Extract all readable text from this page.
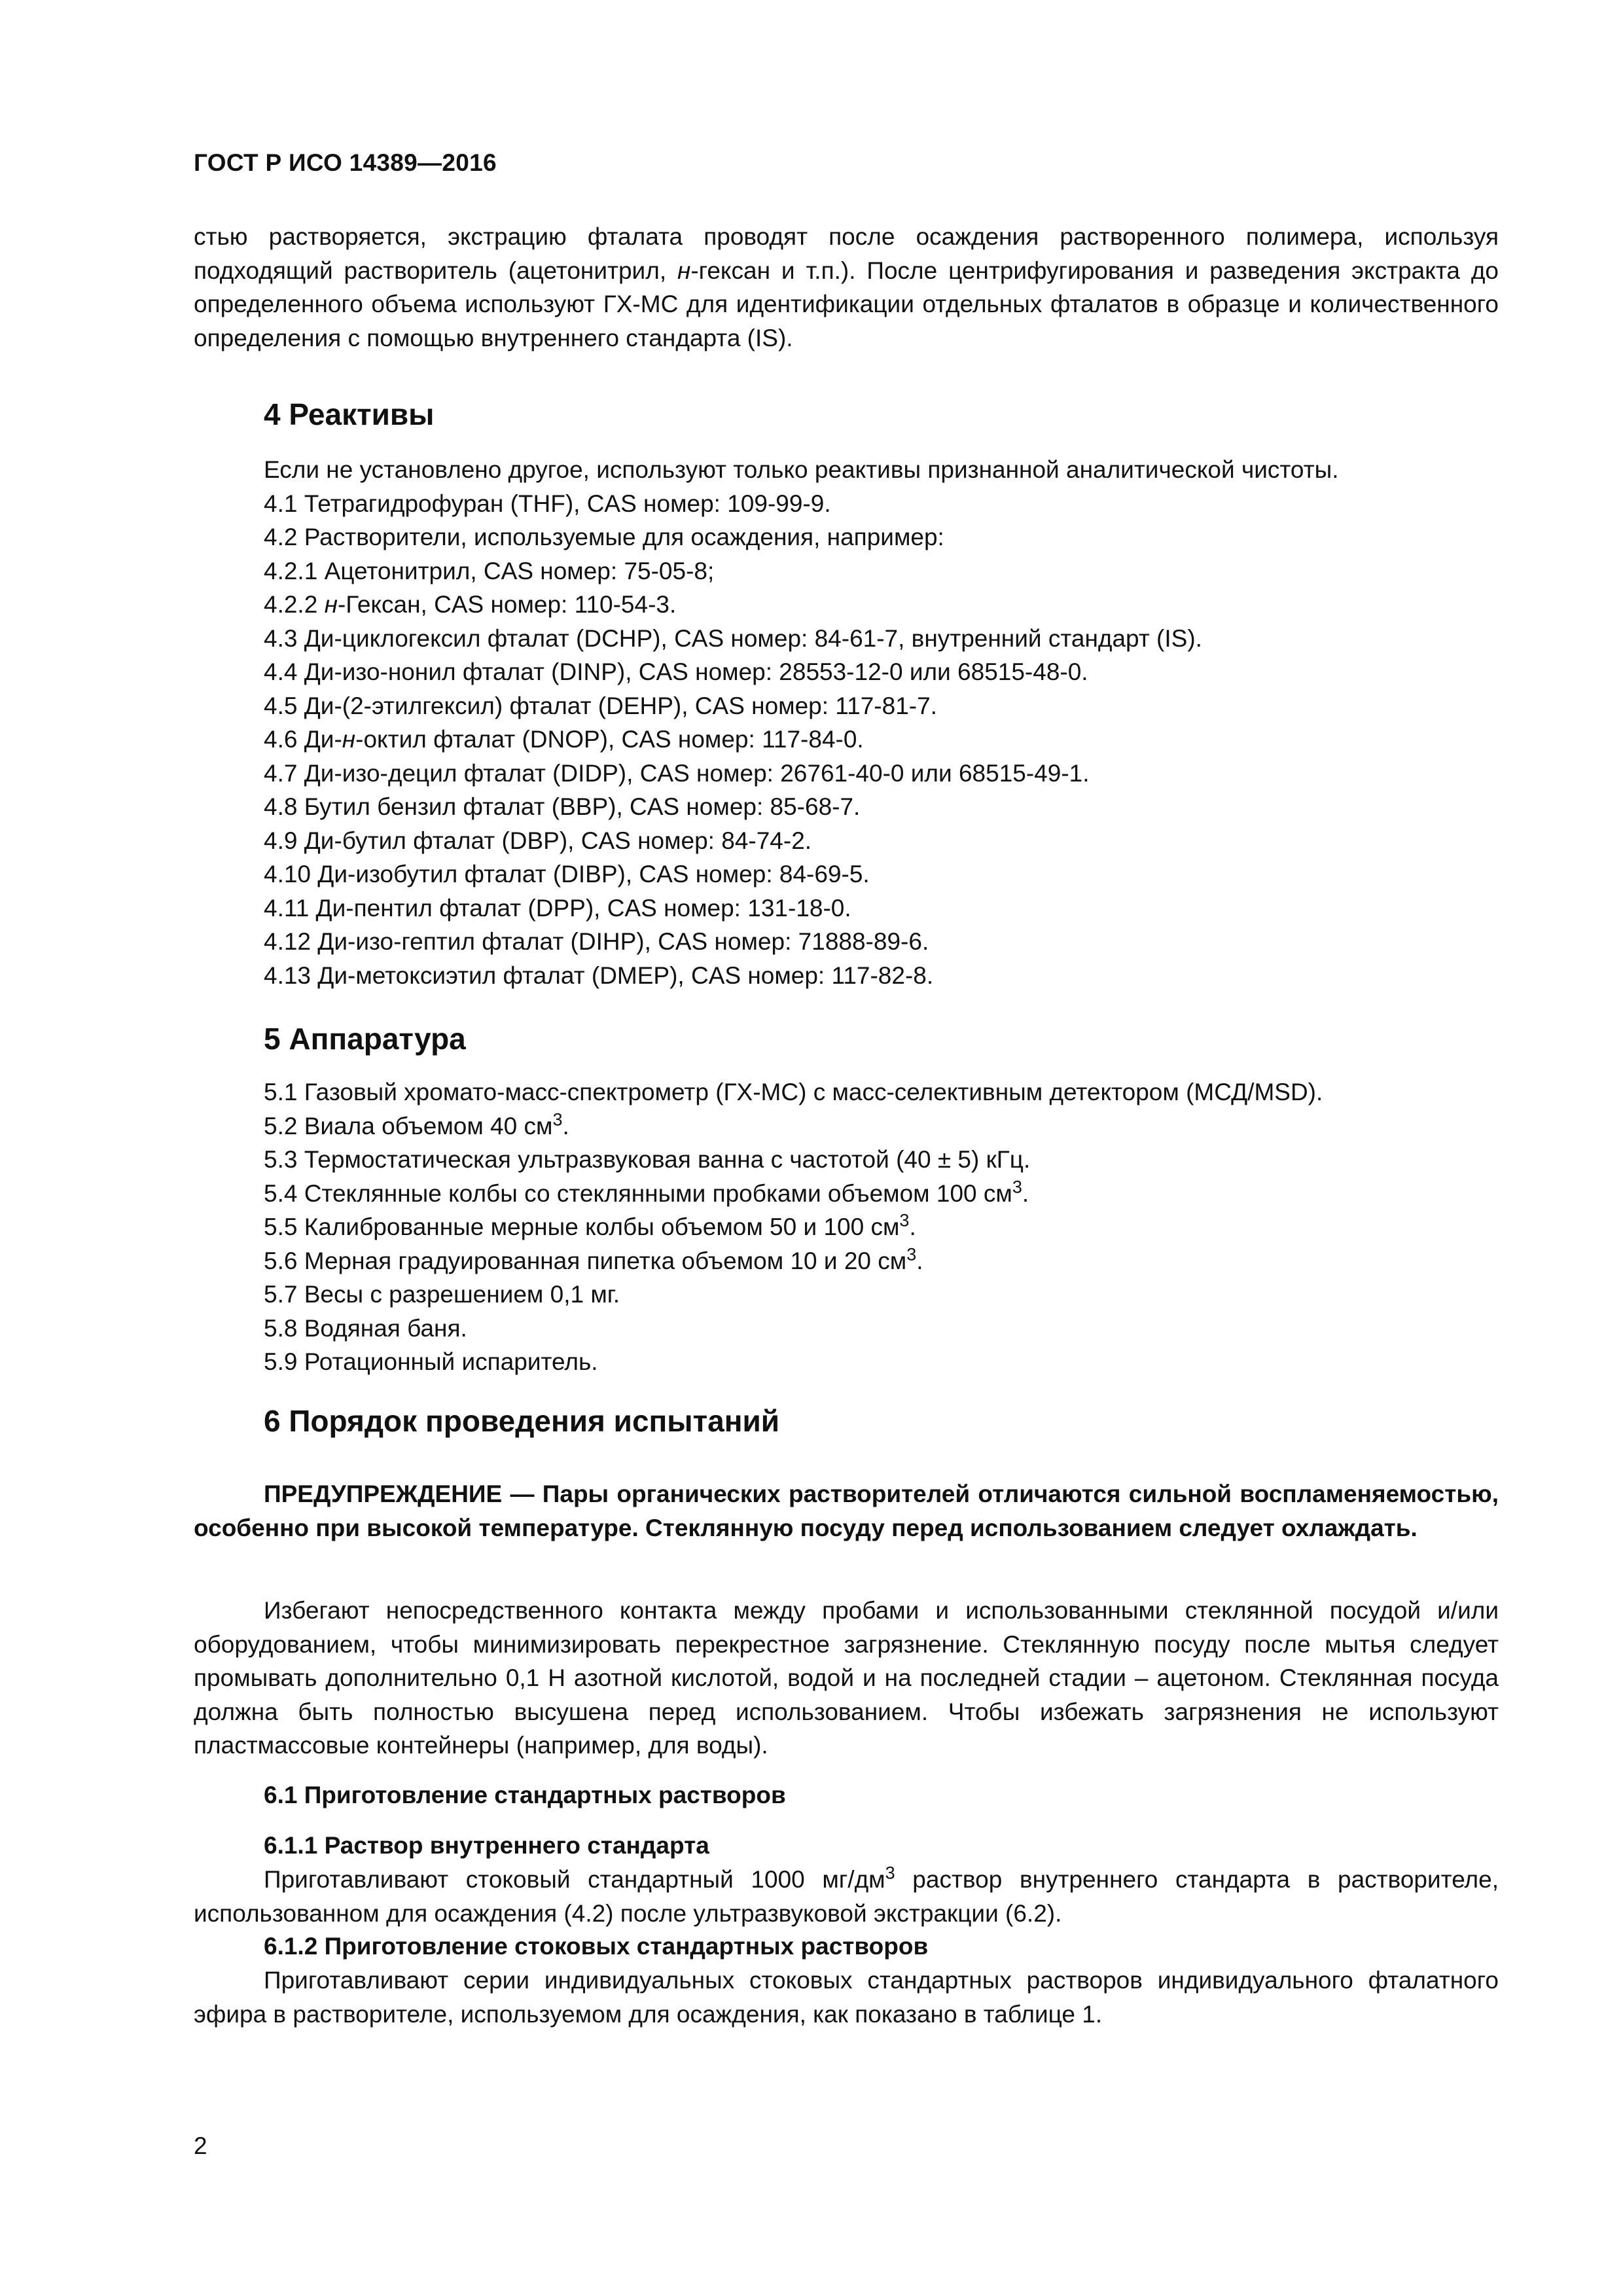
ГОСТ Р ИСО 14389—2016

стью растворяется, экстрацию фталата проводят после осаждения растворенного полимера, используя подходящий растворитель (ацетонитрил, н-гексан и т.п.). После центрифугирования и разведения экстракта до определенного объема используют ГХ-МС для идентификации отдельных фталатов в образце и количественного определения с помощью внутреннего стандарта (IS).

4 Реактивы
Если не установлено другое, используют только реактивы признанной аналитической чистоты.
4.1 Тетрагидрофуран (THF), CAS номер: 109-99-9.
4.2 Растворители, используемые для осаждения, например:
4.2.1 Ацетонитрил, CAS номер: 75-05-8;
4.2.2 н-Гексан, CAS номер: 110-54-3.
4.3 Ди-циклогексил фталат (DCHP), CAS номер: 84-61-7, внутренний стандарт (IS).
4.4 Ди-изо-нонил фталат (DINP), CAS номер: 28553-12-0 или 68515-48-0.
4.5 Ди-(2-этилгексил) фталат (DEHP), CAS номер: 117-81-7.
4.6 Ди-н-октил фталат (DNOP), CAS номер: 117-84-0.
4.7 Ди-изо-децил фталат (DIDP), CAS номер: 26761-40-0 или 68515-49-1.
4.8 Бутил бензил фталат (BBP), CAS номер: 85-68-7.
4.9 Ди-бутил фталат (DBP), CAS номер: 84-74-2.
4.10 Ди-изобутил фталат (DIBP), CAS номер: 84-69-5.
4.11 Ди-пентил фталат (DPP), CAS номер: 131-18-0.
4.12 Ди-изо-гептил фталат (DIHP), CAS номер: 71888-89-6.
4.13 Ди-метоксиэтил фталат (DMEP), CAS номер: 117-82-8.
5 Аппаратура
5.1 Газовый хромато-масс-спектрометр (ГХ-МС) с масс-селективным детектором (МСД/MSD).
5.2 Виала объемом 40 $см^3$.
5.3 Термостатическая ультразвуковая ванна с частотой (40 ± 5) кГц.
5.4 Стеклянные колбы со стеклянными пробками объемом 100 $см^3$.
5.5 Калиброванные мерные колбы объемом 50 и 100 $см^3$.
5.6 Мерная градуированная пипетка объемом 10 и 20 $см^3$.
5.7 Весы с разрешением 0,1 мг.
5.8 Водяная баня.
5.9 Ротационный испаритель.
6 Порядок проведения испытаний

ПРЕДУПРЕЖДЕНИЕ — Пары органических растворителей отличаются сильной воспламеняемостью, особенно при высокой температуре. Стеклянную посуду перед использованием следует охлаждать.

Избегают непосредственного контакта между пробами и использованными стеклянной посудой и/или оборудованием, чтобы минимизировать перекрестное загрязнение. Стеклянную посуду после мытья следует промывать дополнительно 0,1 Н азотной кислотой, водой и на последней стадии – ацетоном. Стеклянная посуда должна быть полностью высушена перед использованием. Чтобы избежать загрязнения не используют пластмассовые контейнеры (например, для воды).

6.1 Приготовление стандартных растворов
6.1.1 Раствор внутреннего стандарта

Приготавливают стоковый стандартный 1000 $мг/дм^3$ раствор внутреннего стандарта в растворителе, использованном для осаждения (4.2) после ультразвуковой экстракции (6.2).

6.1.2 Приготовление стоковых стандартных растворов

Приготавливают серии индивидуальных стоковых стандартных растворов индивидуального фталатного эфира в растворителе, используемом для осаждения, как показано в таблице 1.

2
